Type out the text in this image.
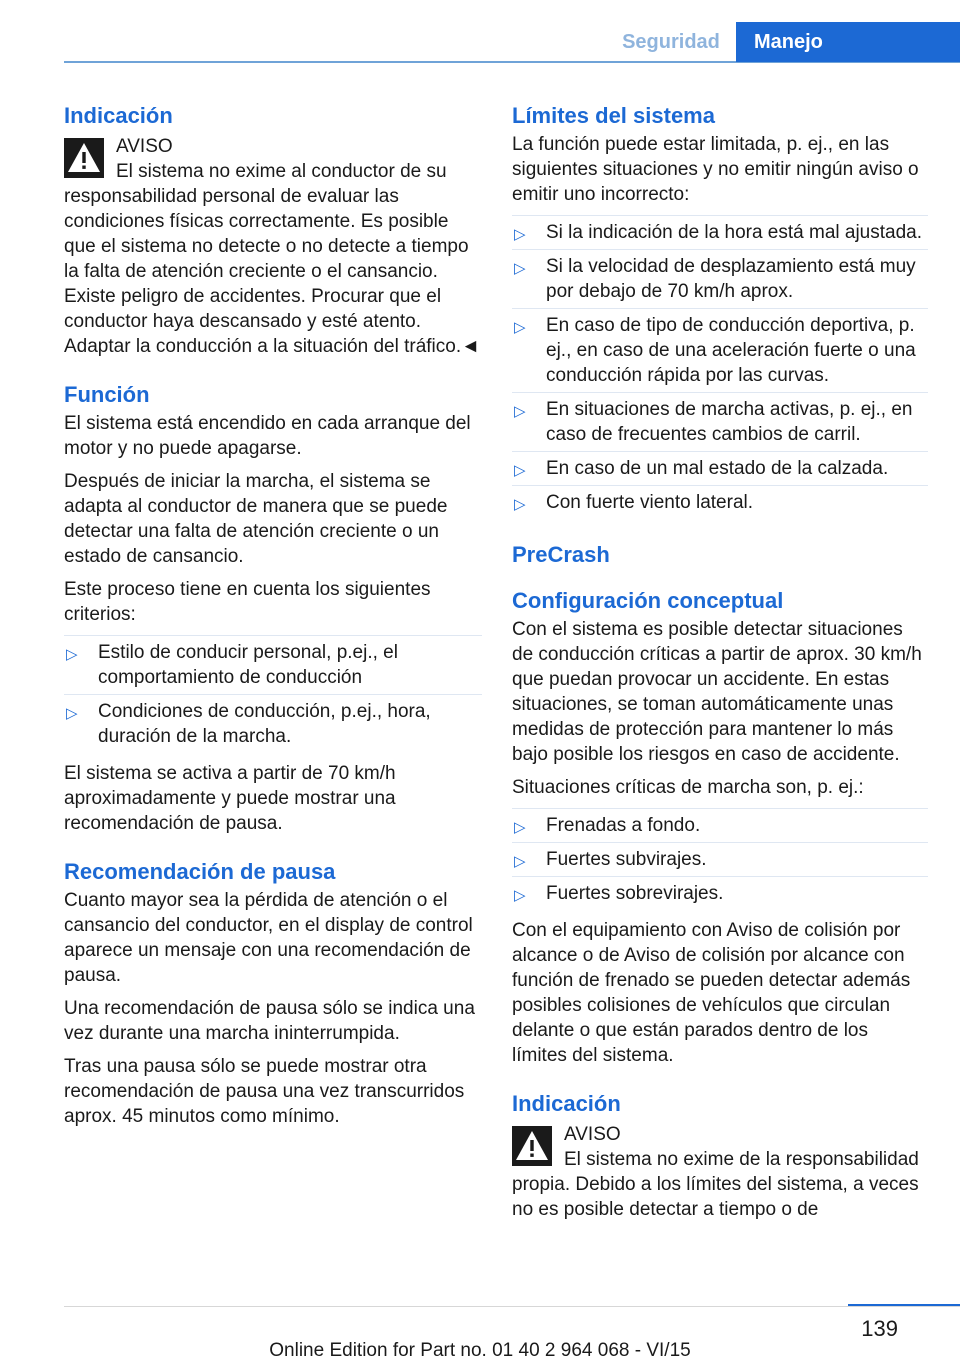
Seguridad	Manejo
Indicación

AVISO

El sistema no exime al conductor de su responsabilidad personal de evaluar las condiciones físicas correctamente. Es posible que el sistema no detecte o no detecte a tiempo la falta de atención creciente o el cansancio. Existe peligro de accidentes. Procurar que el conductor haya descansado y esté atento. Adaptar la conducción a la situación del tráfico.◄

Función

El sistema está encendido en cada arranque del motor y no puede apagarse.

Después de iniciar la marcha, el sistema se adapta al conductor de manera que se puede detectar una falta de atención creciente o un estado de cansancio.

Este proceso tiene en cuenta los siguientes criterios:

▷ Estilo de conducir personal, p.ej., el comportamiento de conducción
▷ Condiciones de conducción, p.ej., hora, duración de la marcha.

El sistema se activa a partir de 70 km/h aproximadamente y puede mostrar una recomendación de pausa.

Recomendación de pausa

Cuanto mayor sea la pérdida de atención o el cansancio del conductor, en el display de control aparece un mensaje con una recomendación de pausa.

Una recomendación de pausa sólo se indica una vez durante una marcha ininterrumpida.

Tras una pausa sólo se puede mostrar otra recomendación de pausa una vez transcurridos aprox. 45 minutos como mínimo.

Límites del sistema

La función puede estar limitada, p. ej., en las siguientes situaciones y no emitir ningún aviso o emitir uno incorrecto:

▷ Si la indicación de la hora está mal ajustada.
▷ Si la velocidad de desplazamiento está muy por debajo de 70 km/h aprox.
▷ En caso de tipo de conducción deportiva, p. ej., en caso de una aceleración fuerte o una conducción rápida por las curvas.
▷ En situaciones de marcha activas, p. ej., en caso de frecuentes cambios de carril.
▷ En caso de un mal estado de la calzada.
▷ Con fuerte viento lateral.
PreCrash
Configuración conceptual

Con el sistema es posible detectar situaciones de conducción críticas a partir de aprox. 30 km/h que puedan provocar un accidente. En estas situaciones, se toman automáticamente unas medidas de protección para mantener lo más bajo posible los riesgos en caso de accidente.

Situaciones críticas de marcha son, p. ej.:

▷ Frenadas a fondo.
▷ Fuertes subvirajes.
▷ Fuertes sobrevirajes.

Con el equipamiento con Aviso de colisión por alcance o de Aviso de colisión por alcance con función de frenado se pueden detectar además posibles colisiones de vehículos que circulan delante o que están parados dentro de los límites del sistema.

Indicación

AVISO

El sistema no exime de la responsabilidad propia. Debido a los límites del sistema, a veces no es posible detectar a tiempo o de

139
Online Edition for Part no. 01 40 2 964 068 - VI/15
